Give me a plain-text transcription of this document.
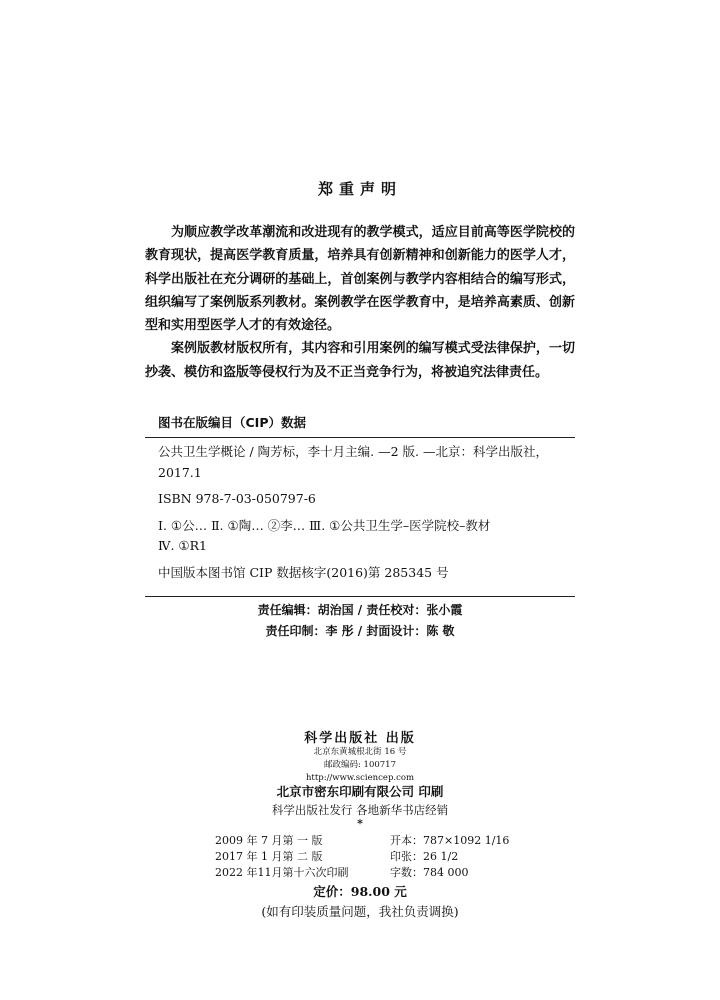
郑重声明

为顺应教学改革潮流和改进现有的教学模式，适应目前高等医学院校的教育现状，提高医学教育质量，培养具有创新精神和创新能力的医学人才，科学出版社在充分调研的基础上，首创案例与教学内容相结合的编写形式，组织编写了案例版系列教材。案例教学在医学教育中，是培养高素质、创新型和实用型医学人才的有效途径。

案例版教材版权所有，其内容和引用案例的编写模式受法律保护，一切抄袭、模仿和盗版等侵权行为及不正当竞争行为，将被追究法律责任。

图书在版编目（CIP）数据
公共卫生学概论 / 陶芳标，李十月主编. —2 版. —北京：科学出版社，
2017.1
ISBN 978-7-03-050797-6
Ⅰ. ①公… Ⅱ. ①陶… ②李… Ⅲ. ①公共卫生学–医学院校–教材
Ⅳ. ①R1
中国版本图书馆 CIP 数据核字(2016)第 285345 号
责任编辑：胡治国 / 责任校对：张小霞
责任印制：李 彤 / 封面设计：陈 敬
科学出版社 出版
北京东黄城根北街 16 号
邮政编码: 100717
http://www.sciencep.com
北京市密东印刷有限公司 印刷
科学出版社发行 各地新华书店经销
*
2009 年 7 月第 一 版	开本：787×1092 1/16
2017 年 1 月第 二 版	印张：26 1/2
2022 年11月第十六次印刷	字数：784 000
定价：98.00 元
(如有印装质量问题，我社负责调换)
